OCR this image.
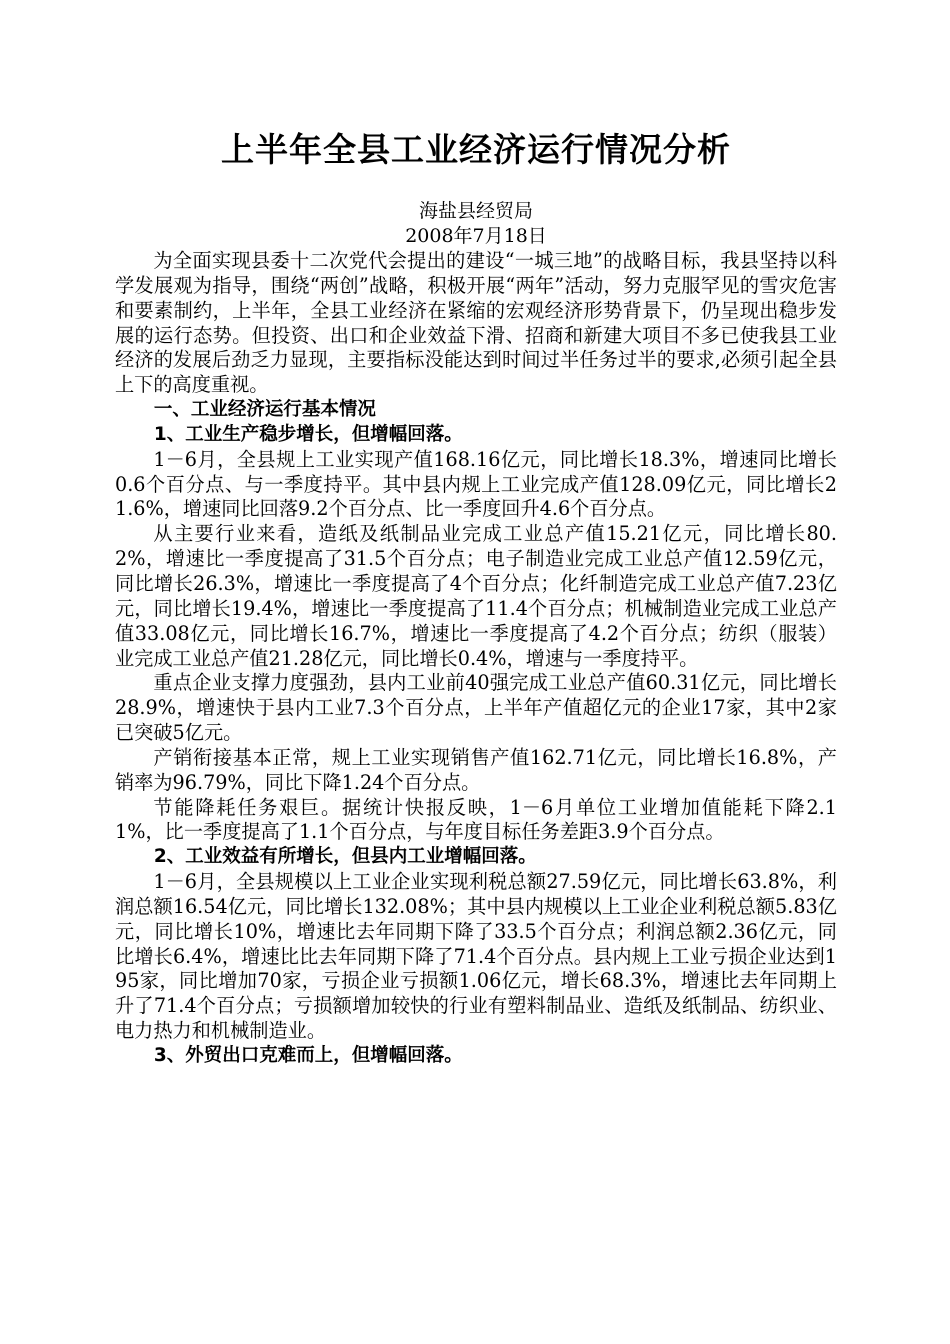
上半年全县工业经济运行情况分析
海盐县经贸局
2008年7月18日

为全面实现县委十二次党代会提出的建设“一城三地”的战略目标，我县坚持以科学发展观为指导，围绕“两创”战略，积极开展“两年”活动，努力克服罕见的雪灾危害和要素制约，上半年，全县工业经济在紧缩的宏观经济形势背景下，仍呈现出稳步发展的运行态势。但投资、出口和企业效益下滑、招商和新建大项目不多已使我县工业经济的发展后劲乏力显现，主要指标没能达到时间过半任务过半的要求,必须引起全县上下的高度重视。

一、工业经济运行基本情况
1、工业生产稳步增长，但增幅回落。

1－6月，全县规上工业实现产值168.16亿元，同比增长18.3%，增速同比增长0.6个百分点、与一季度持平。其中县内规上工业完成产值128.09亿元，同比增长21.6%，增速同比回落9.2个百分点、比一季度回升4.6个百分点。

从主要行业来看，造纸及纸制品业完成工业总产值15.21亿元，同比增长80.2%，增速比一季度提高了31.5个百分点；电子制造业完成工业总产值12.59亿元，同比增长26.3%，增速比一季度提高了4个百分点；化纤制造完成工业总产值7.23亿元，同比增长19.4%，增速比一季度提高了11.4个百分点；机械制造业完成工业总产值33.08亿元，同比增长16.7%，增速比一季度提高了4.2个百分点；纺织（服装）业完成工业总产值21.28亿元，同比增长0.4%，增速与一季度持平。

重点企业支撑力度强劲，县内工业前40强完成工业总产值60.31亿元，同比增长28.9%，增速快于县内工业7.3个百分点，上半年产值超亿元的企业17家，其中2家已突破5亿元。

产销衔接基本正常，规上工业实现销售产值162.71亿元，同比增长16.8%，产销率为96.79%，同比下降1.24个百分点。

节能降耗任务艰巨。据统计快报反映，1－6月单位工业增加值能耗下降2.1 1%，比一季度提高了1.1个百分点，与年度目标任务差距3.9个百分点。

2、工业效益有所增长，但县内工业增幅回落。

1－6月，全县规模以上工业企业实现利税总额27.59亿元，同比增长63.8%，利润总额16.54亿元，同比增长132.08%；其中县内规模以上工业企业利税总额5.83亿元，同比增长10%，增速比去年同期下降了33.5个百分点；利润总额2.36亿元，同比增长6.4%，增速比比去年同期下降了71.4个百分点。县内规上工业亏损企业达到195家，同比增加70家，亏损企业亏损额1.06亿元，增长68.3%，增速比去年同期上升了71.4个百分点；亏损额增加较快的行业有塑料制品业、造纸及纸制品、纺织业、电力热力和机械制造业。

3、外贸出口克难而上，但增幅回落。
